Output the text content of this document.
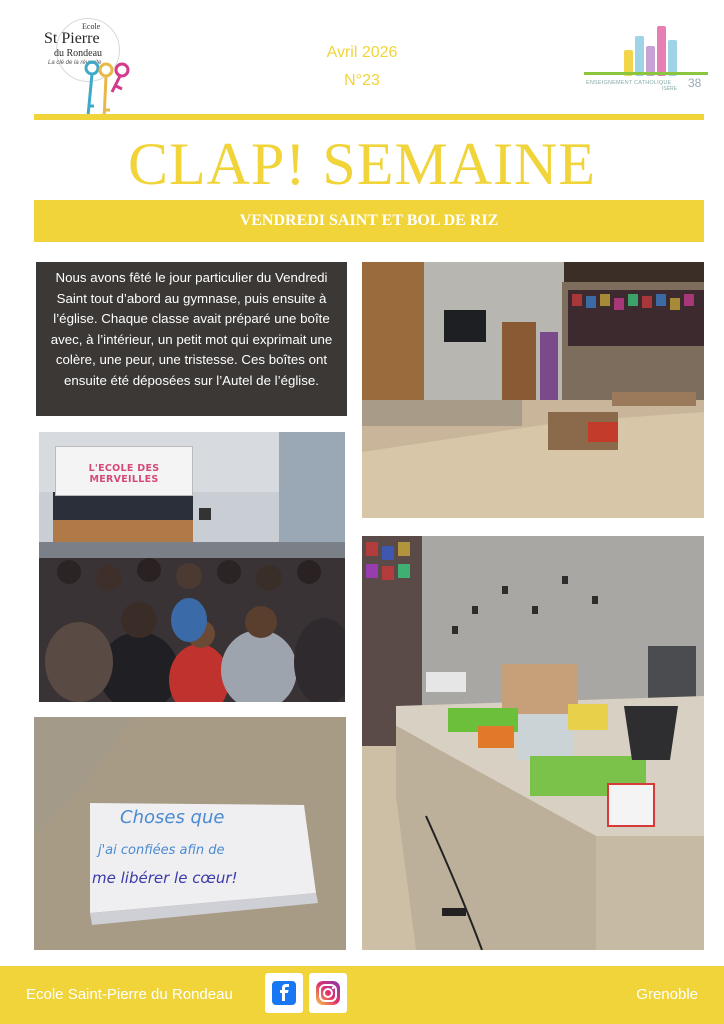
Ecole
St Pierre
du Rondeau
La clé de la réussite
Avril 2026
N°23	ENSEIGNEMENT CATHOLIQUE
ISÈRE 38
CLAP! SEMAINE
VENDREDI SAINT ET BOL DE RIZ

Nous avons fêté le jour particulier du Vendredi Saint tout d’abord au gymnase, puis ensuite à l’église. Chaque classe avait préparé une boîte avec, à l’intérieur, un petit mot qui exprimait une colère, une peur, une tristesse. Ces boîtes ont ensuite été déposées sur l’Autel de l’église.

L'ECOLE DES MERVEILLES
Choses que
j'ai confiées afin de
me libérer le cœur!
Ecole Saint-Pierre du Rondeau	Grenoble
